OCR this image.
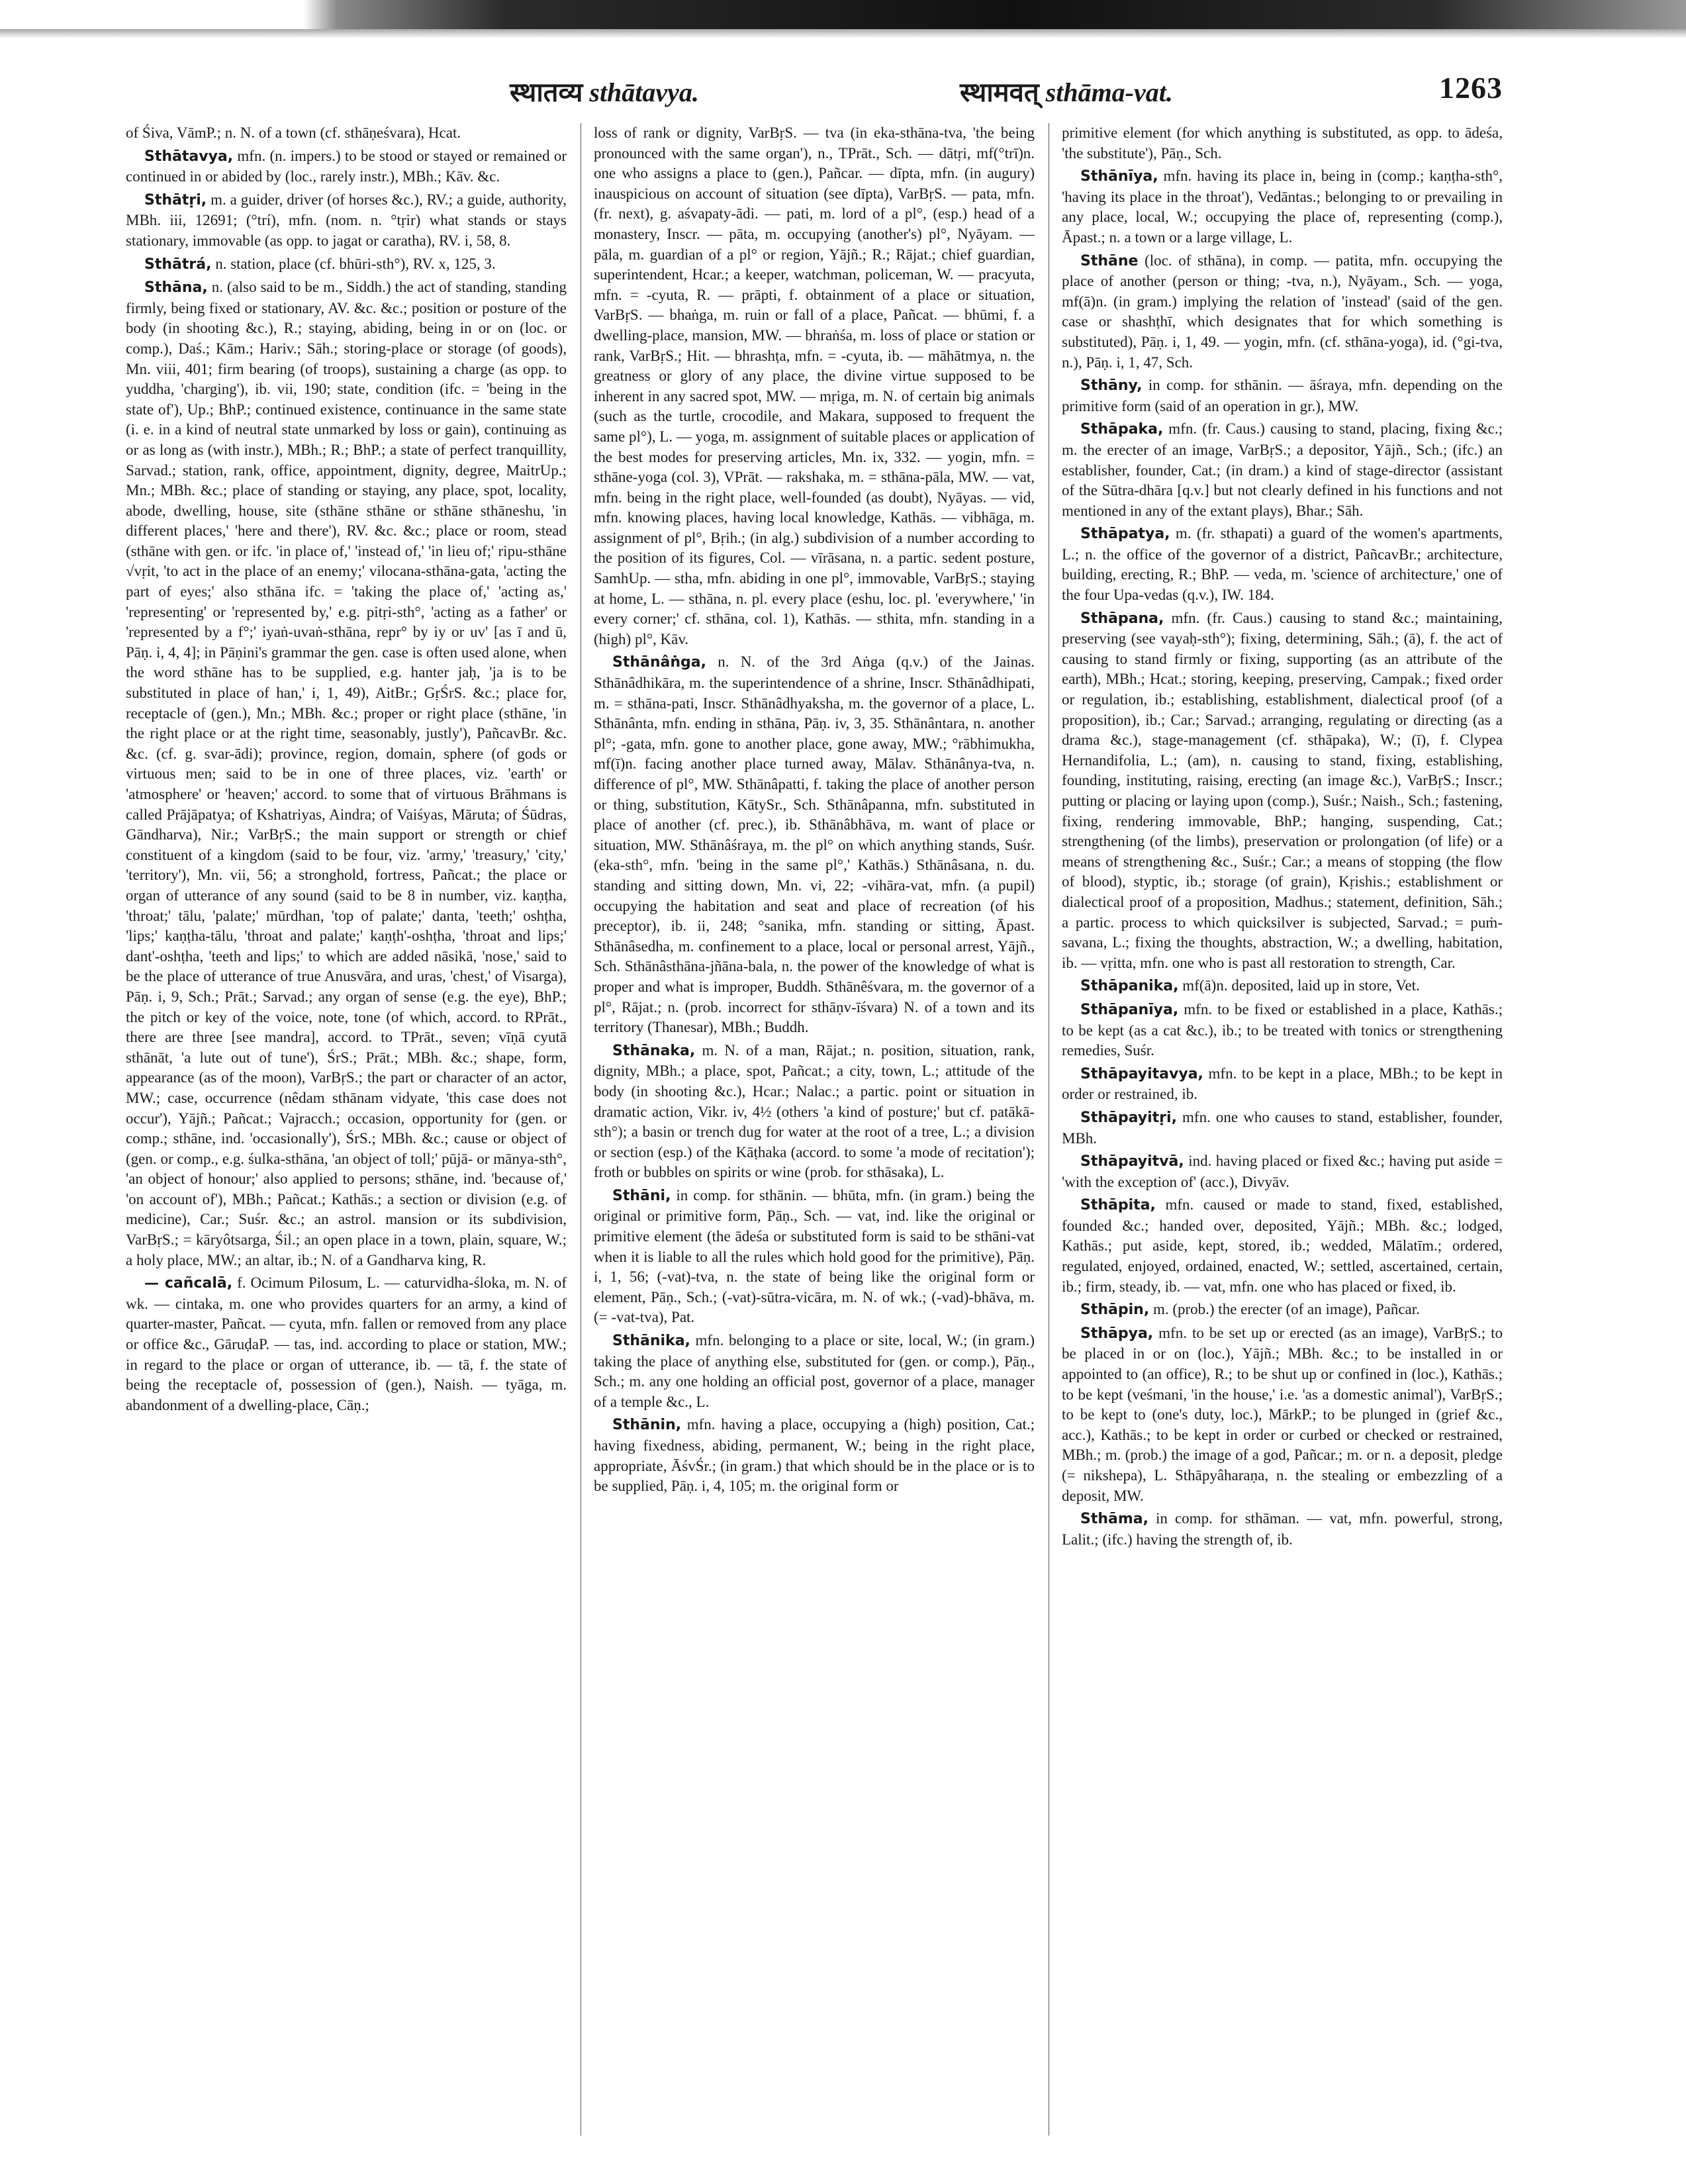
स्थातव्य sthātavya.	स्थामवत् sthāma-vat.	1263

of Śiva, VāmP.; n. N. of a town (cf. sthāṇeśvara), Hcat.

Sthātavya, mfn. (n. impers.) to be stood or stayed or remained or continued in or abided by (loc., rarely instr.), MBh.; Kāv. &c.

Sthātṛi, m. a guider, driver (of horses &c.), RV.; a guide, authority, MBh. iii, 12691; (°trí), mfn. (nom. n. °tṛir) what stands or stays stationary, immovable (as opp. to jagat or caratha), RV. i, 58, 8.

Sthātrá, n. station, place (cf. bhūri-sth°), RV. x, 125, 3.

Sthāna, n. (also said to be m., Siddh.) the act of standing, standing firmly, being fixed or stationary, AV. &c. &c.; position or posture of the body (in shooting &c.), R.; staying, abiding, being in or on (loc. or comp.), Daś.; Kām.; Hariv.; Sāh.; storing-place or storage (of goods), Mn. viii, 401; firm bearing (of troops), sustaining a charge (as opp. to yuddha, 'charging'), ib. vii, 190; state, condition (ifc. = 'being in the state of'), Up.; BhP.; continued existence, continuance in the same state (i. e. in a kind of neutral state unmarked by loss or gain), continuing as or as long as (with instr.), MBh.; R.; BhP.; a state of perfect tranquillity, Sarvad.; station, rank, office, appointment, dignity, degree, MaitrUp.; Mn.; MBh. &c.; place of standing or staying, any place, spot, locality, abode, dwelling, house, site (sthāne sthāne or sthāne sthāneshu, 'in different places,' 'here and there'), RV. &c. &c.; place or room, stead (sthāne with gen. or ifc. 'in place of,' 'instead of,' 'in lieu of;' ripu-sthāne √vṛit, 'to act in the place of an enemy;' vilocana-sthāna-gata, 'acting the part of eyes;' also sthāna ifc. = 'taking the place of,' 'acting as,' 'representing' or 'represented by,' e.g. pitṛi-sth°, 'acting as a father' or 'represented by a f°;' iyaṅ-uvaṅ-sthāna, repr° by iy or uv' [as ī and ū, Pāṇ. i, 4, 4]; in Pāṇini's grammar the gen. case is often used alone, when the word sthāne has to be supplied, e.g. hanter jaḥ, 'ja is to be substituted in place of han,' i, 1, 49), AitBr.; GṛŚrS. &c.; place for, receptacle of (gen.), Mn.; MBh. &c.; proper or right place (sthāne, 'in the right place or at the right time, seasonably, justly'), PañcavBr. &c. &c. (cf. g. svar-ādi); province, region, domain, sphere (of gods or virtuous men; said to be in one of three places, viz. 'earth' or 'atmosphere' or 'heaven;' accord. to some that of virtuous Brāhmans is called Prājāpatya; of Kshatriyas, Aindra; of Vaiśyas, Māruta; of Śūdras, Gāndharva), Nir.; VarBṛS.; the main support or strength or chief constituent of a kingdom (said to be four, viz. 'army,' 'treasury,' 'city,' 'territory'), Mn. vii, 56; a stronghold, fortress, Pañcat.; the place or organ of utterance of any sound (said to be 8 in number, viz. kaṇṭha, 'throat;' tālu, 'palate;' mūrdhan, 'top of palate;' danta, 'teeth;' oshṭha, 'lips;' kaṇṭha-tālu, 'throat and palate;' kaṇṭh'-oshṭha, 'throat and lips;' dant'-oshṭha, 'teeth and lips;' to which are added nāsikā, 'nose,' said to be the place of utterance of true Anusvāra, and uras, 'chest,' of Visarga), Pāṇ. i, 9, Sch.; Prāt.; Sarvad.; any organ of sense (e.g. the eye), BhP.; the pitch or key of the voice, note, tone (of which, accord. to RPrāt., there are three [see mandra], accord. to TPrāt., seven; vīṇā cyutā sthānāt, 'a lute out of tune'), ŚrS.; Prāt.; MBh. &c.; shape, form, appearance (as of the moon), VarBṛS.; the part or character of an actor, MW.; case, occurrence (nêdam sthānam vidyate, 'this case does not occur'), Yājñ.; Pañcat.; Vajracch.; occasion, opportunity for (gen. or comp.; sthāne, ind. 'occasionally'), ŚrS.; MBh. &c.; cause or object of (gen. or comp., e.g. śulka-sthāna, 'an object of toll;' pūjā- or mānya-sth°, 'an object of honour;' also applied to persons; sthāne, ind. 'because of,' 'on account of'), MBh.; Pañcat.; Kathās.; a section or division (e.g. of medicine), Car.; Suśr. &c.; an astrol. mansion or its subdivision, VarBṛS.; = kāryôtsarga, Śil.; an open place in a town, plain, square, W.; a holy place, MW.; an altar, ib.; N. of a Gandharva king, R.

— cañcalā, f. Ocimum Pilosum, L. — caturvidha-śloka, m. N. of wk. — cintaka, m. one who provides quarters for an army, a kind of quarter-master, Pañcat. — cyuta, mfn. fallen or removed from any place or office &c., GāruḍaP. — tas, ind. according to place or station, MW.; in regard to the place or organ of utterance, ib. — tā, f. the state of being the receptacle of, possession of (gen.), Naish. — tyāga, m. abandonment of a dwelling-place, Cāṇ.;

loss of rank or dignity, VarBṛS. — tva (in eka-sthāna-tva, 'the being pronounced with the same organ'), n., TPrāt., Sch. — dātṛi, mf(°trī)n. one who assigns a place to (gen.), Pañcar. — dīpta, mfn. (in augury) inauspicious on account of situation (see dīpta), VarBṛS. — pata, mfn. (fr. next), g. aśvapaty-ādi. — pati, m. lord of a pl°, (esp.) head of a monastery, Inscr. — pāta, m. occupying (another's) pl°, Nyāyam. — pāla, m. guardian of a pl° or region, Yājñ.; R.; Rājat.; chief guardian, superintendent, Hcar.; a keeper, watchman, policeman, W. — pracyuta, mfn. = -cyuta, R. — prāpti, f. obtainment of a place or situation, VarBṛS. — bhaṅga, m. ruin or fall of a place, Pañcat. — bhūmi, f. a dwelling-place, mansion, MW. — bhraṅśa, m. loss of place or station or rank, VarBṛS.; Hit. — bhrashṭa, mfn. = -cyuta, ib. — māhātmya, n. the greatness or glory of any place, the divine virtue supposed to be inherent in any sacred spot, MW. — mṛiga, m. N. of certain big animals (such as the turtle, crocodile, and Makara, supposed to frequent the same pl°), L. — yoga, m. assignment of suitable places or application of the best modes for preserving articles, Mn. ix, 332. — yogin, mfn. = sthāne-yoga (col. 3), VPrāt. — rakshaka, m. = sthāna-pāla, MW. — vat, mfn. being in the right place, well-founded (as doubt), Nyāyas. — vid, mfn. knowing places, having local knowledge, Kathās. — vibhāga, m. assignment of pl°, Bṛih.; (in alg.) subdivision of a number according to the position of its figures, Col. — vīrāsana, n. a partic. sedent posture, SamhUp. — stha, mfn. abiding in one pl°, immovable, VarBṛS.; staying at home, L. — sthāna, n. pl. every place (eshu, loc. pl. 'everywhere,' 'in every corner;' cf. sthāna, col. 1), Kathās. — sthita, mfn. standing in a (high) pl°, Kāv.

Sthānâṅga, n. N. of the 3rd Aṅga (q.v.) of the Jainas. Sthānâdhikāra, m. the superintendence of a shrine, Inscr. Sthānâdhipati, m. = sthāna-pati, Inscr. Sthānâdhyaksha, m. the governor of a place, L. Sthānânta, mfn. ending in sthāna, Pāṇ. iv, 3, 35. Sthānântara, n. another pl°; -gata, mfn. gone to another place, gone away, MW.; °rābhimukha, mf(ī)n. facing another place turned away, Mālav. Sthānânya-tva, n. difference of pl°, MW. Sthānâpatti, f. taking the place of another person or thing, substitution, KātySr., Sch. Sthānâpanna, mfn. substituted in place of another (cf. prec.), ib. Sthānâbhāva, m. want of place or situation, MW. Sthānâśraya, m. the pl° on which anything stands, Suśr. (eka-sth°, mfn. 'being in the same pl°,' Kathās.) Sthānâsana, n. du. standing and sitting down, Mn. vi, 22; -vihāra-vat, mfn. (a pupil) occupying the habitation and seat and place of recreation (of his preceptor), ib. ii, 248; °sanika, mfn. standing or sitting, Āpast. Sthānâsedha, m. confinement to a place, local or personal arrest, Yājñ., Sch. Sthānâsthāna-jñāna-bala, n. the power of the knowledge of what is proper and what is improper, Buddh. Sthānêśvara, m. the governor of a pl°, Rājat.; n. (prob. incorrect for sthāṇv-īśvara) N. of a town and its territory (Thanesar), MBh.; Buddh.

Sthānaka, m. N. of a man, Rājat.; n. position, situation, rank, dignity, MBh.; a place, spot, Pañcat.; a city, town, L.; attitude of the body (in shooting &c.), Hcar.; Nalac.; a partic. point or situation in dramatic action, Vikr. iv, 4½ (others 'a kind of posture;' but cf. patākā-sth°); a basin or trench dug for water at the root of a tree, L.; a division or section (esp.) of the Kāṭhaka (accord. to some 'a mode of recitation'); froth or bubbles on spirits or wine (prob. for sthāsaka), L.

Sthāni, in comp. for sthānin. — bhūta, mfn. (in gram.) being the original or primitive form, Pāṇ., Sch. — vat, ind. like the original or primitive element (the ādeśa or substituted form is said to be sthāni-vat when it is liable to all the rules which hold good for the primitive), Pāṇ. i, 1, 56; (-vat)-tva, n. the state of being like the original form or element, Pāṇ., Sch.; (-vat)-sūtra-vicāra, m. N. of wk.; (-vad)-bhāva, m. (= -vat-tva), Pat.

Sthānika, mfn. belonging to a place or site, local, W.; (in gram.) taking the place of anything else, substituted for (gen. or comp.), Pāṇ., Sch.; m. any one holding an official post, governor of a place, manager of a temple &c., L.

Sthānin, mfn. having a place, occupying a (high) position, Cat.; having fixedness, abiding, permanent, W.; being in the right place, appropriate, ĀśvŚr.; (in gram.) that which should be in the place or is to be supplied, Pāṇ. i, 4, 105; m. the original form or

primitive element (for which anything is substituted, as opp. to ādeśa, 'the substitute'), Pāṇ., Sch.

Sthānīya, mfn. having its place in, being in (comp.; kaṇṭha-sth°, 'having its place in the throat'), Vedāntas.; belonging to or prevailing in any place, local, W.; occupying the place of, representing (comp.), Āpast.; n. a town or a large village, L.

Sthāne (loc. of sthāna), in comp. — patita, mfn. occupying the place of another (person or thing; -tva, n.), Nyāyam., Sch. — yoga, mf(ā)n. (in gram.) implying the relation of 'instead' (said of the gen. case or shashṭhī, which designates that for which something is substituted), Pāṇ. i, 1, 49. — yogin, mfn. (cf. sthāna-yoga), id. (°gi-tva, n.), Pāṇ. i, 1, 47, Sch.

Sthāny, in comp. for sthānin. — āśraya, mfn. depending on the primitive form (said of an operation in gr.), MW.

Sthāpaka, mfn. (fr. Caus.) causing to stand, placing, fixing &c.; m. the erecter of an image, VarBṛS.; a depositor, Yājñ., Sch.; (ifc.) an establisher, founder, Cat.; (in dram.) a kind of stage-director (assistant of the Sūtra-dhāra [q.v.] but not clearly defined in his functions and not mentioned in any of the extant plays), Bhar.; Sāh.

Sthāpatya, m. (fr. sthapati) a guard of the women's apartments, L.; n. the office of the governor of a district, PañcavBr.; architecture, building, erecting, R.; BhP. — veda, m. 'science of architecture,' one of the four Upa-vedas (q.v.), IW. 184.

Sthāpana, mfn. (fr. Caus.) causing to stand &c.; maintaining, preserving (see vayaḥ-sth°); fixing, determining, Sāh.; (ā), f. the act of causing to stand firmly or fixing, supporting (as an attribute of the earth), MBh.; Hcat.; storing, keeping, preserving, Campak.; fixed order or regulation, ib.; establishing, establishment, dialectical proof (of a proposition), ib.; Car.; Sarvad.; arranging, regulating or directing (as a drama &c.), stage-management (cf. sthāpaka), W.; (ī), f. Clypea Hernandifolia, L.; (am), n. causing to stand, fixing, establishing, founding, instituting, raising, erecting (an image &c.), VarBṛS.; Inscr.; putting or placing or laying upon (comp.), Suśr.; Naish., Sch.; fastening, fixing, rendering immovable, BhP.; hanging, suspending, Cat.; strengthening (of the limbs), preservation or prolongation (of life) or a means of strengthening &c., Suśr.; Car.; a means of stopping (the flow of blood), styptic, ib.; storage (of grain), Kṛishis.; establishment or dialectical proof of a proposition, Madhus.; statement, definition, Sāh.; a partic. process to which quicksilver is subjected, Sarvad.; = puṁ-savana, L.; fixing the thoughts, abstraction, W.; a dwelling, habitation, ib. — vṛitta, mfn. one who is past all restoration to strength, Car.

Sthāpanika, mf(ā)n. deposited, laid up in store, Vet.

Sthāpanīya, mfn. to be fixed or established in a place, Kathās.; to be kept (as a cat &c.), ib.; to be treated with tonics or strengthening remedies, Suśr.

Sthāpayitavya, mfn. to be kept in a place, MBh.; to be kept in order or restrained, ib.

Sthāpayitṛi, mfn. one who causes to stand, establisher, founder, MBh.

Sthāpayitvā, ind. having placed or fixed &c.; having put aside = 'with the exception of' (acc.), Divyāv.

Sthāpita, mfn. caused or made to stand, fixed, established, founded &c.; handed over, deposited, Yājñ.; MBh. &c.; lodged, Kathās.; put aside, kept, stored, ib.; wedded, Mālatīm.; ordered, regulated, enjoyed, ordained, enacted, W.; settled, ascertained, certain, ib.; firm, steady, ib. — vat, mfn. one who has placed or fixed, ib.

Sthāpin, m. (prob.) the erecter (of an image), Pañcar.

Sthāpya, mfn. to be set up or erected (as an image), VarBṛS.; to be placed in or on (loc.), Yājñ.; MBh. &c.; to be installed in or appointed to (an office), R.; to be shut up or confined in (loc.), Kathās.; to be kept (veśmani, 'in the house,' i.e. 'as a domestic animal'), VarBṛS.; to be kept to (one's duty, loc.), MārkP.; to be plunged in (grief &c., acc.), Kathās.; to be kept in order or curbed or checked or restrained, MBh.; m. (prob.) the image of a god, Pañcar.; m. or n. a deposit, pledge (= nikshepa), L. Sthāpyâharaṇa, n. the stealing or embezzling of a deposit, MW.

Sthāma, in comp. for sthāman. — vat, mfn. powerful, strong, Lalit.; (ifc.) having the strength of, ib.
